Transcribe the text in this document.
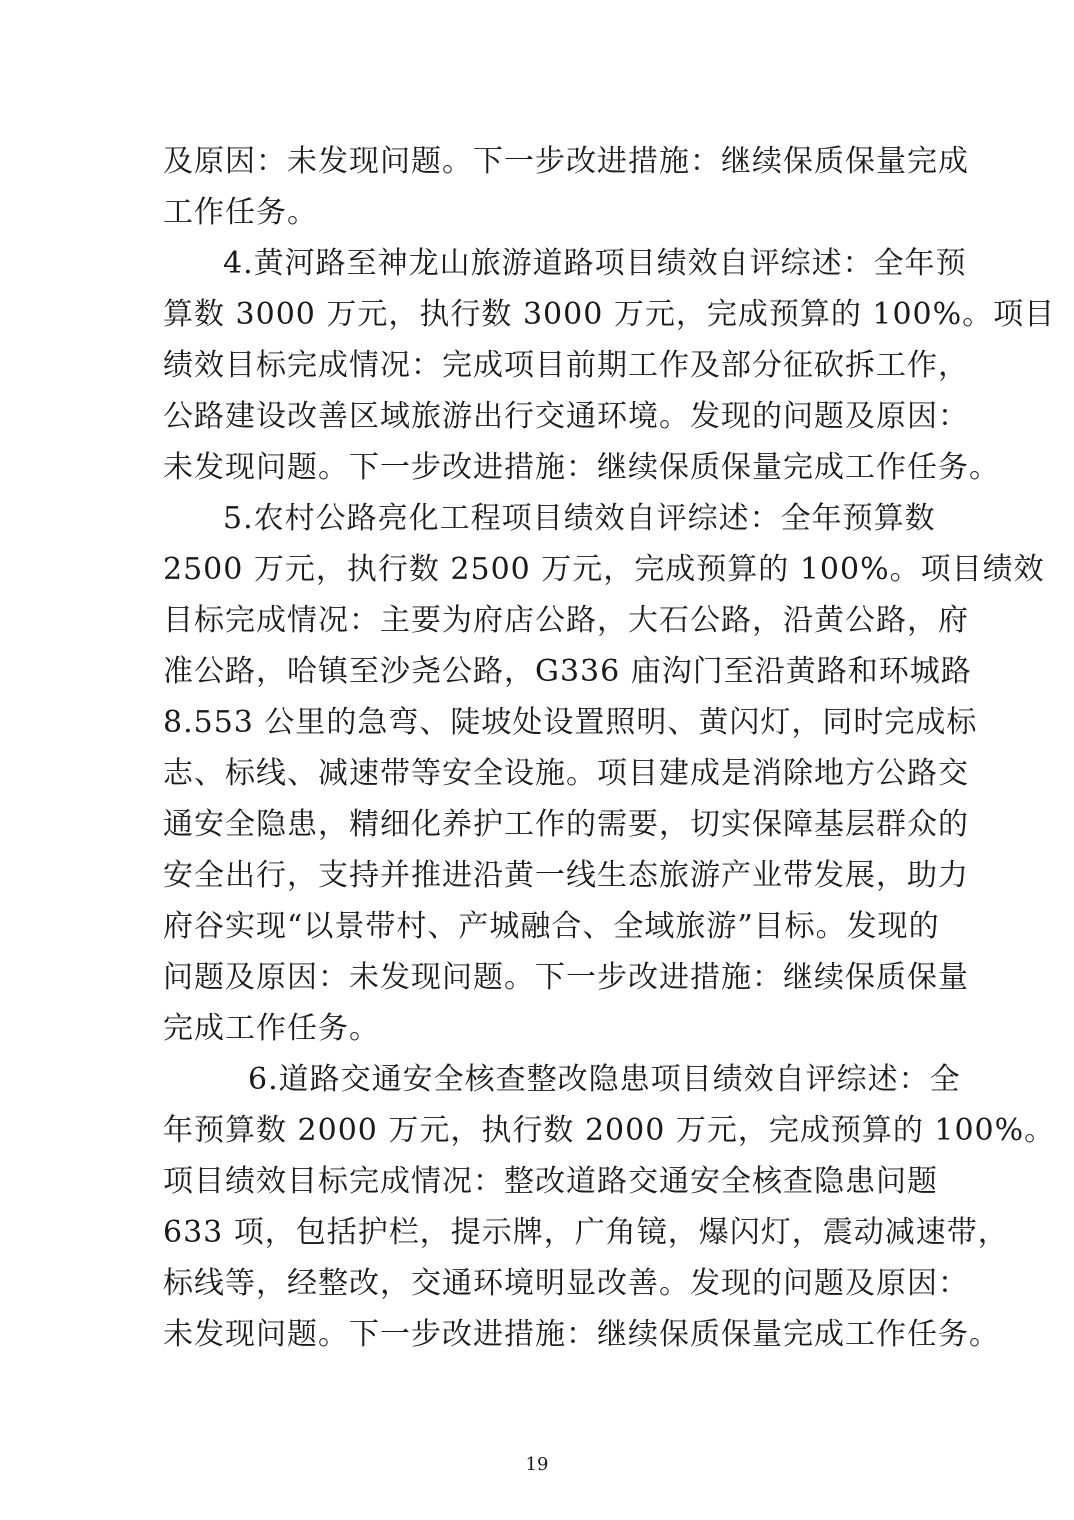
及原因：未发现问题。下一步改进措施：继续保质保量完成
工作任务。
4.黄河路至神龙山旅游道路项目绩效自评综述：全年预
算数 3000 万元，执行数 3000 万元，完成预算的 100%。项目
绩效目标完成情况：完成项目前期工作及部分征砍拆工作，
公路建设改善区域旅游出行交通环境。发现的问题及原因：
未发现问题。下一步改进措施：继续保质保量完成工作任务。
5.农村公路亮化工程项目绩效自评综述：全年预算数
2500 万元，执行数 2500 万元，完成预算的 100%。项目绩效
目标完成情况：主要为府店公路，大石公路，沿黄公路，府
准公路，哈镇至沙尧公路，G336 庙沟门至沿黄路和环城路
8.553 公里的急弯、陡坡处设置照明、黄闪灯，同时完成标
志、标线、减速带等安全设施。项目建成是消除地方公路交
通安全隐患，精细化养护工作的需要，切实保障基层群众的
安全出行，支持并推进沿黄一线生态旅游产业带发展，助力
府谷实现“以景带村、产城融合、全域旅游”目标。发现的
问题及原因：未发现问题。下一步改进措施：继续保质保量
完成工作任务。
6.道路交通安全核查整改隐患项目绩效自评综述：全
年预算数 2000 万元，执行数 2000 万元，完成预算的 100%。
项目绩效目标完成情况：整改道路交通安全核查隐患问题
633 项，包括护栏，提示牌，广角镜，爆闪灯，震动减速带，
标线等，经整改，交通环境明显改善。发现的问题及原因：
未发现问题。下一步改进措施：继续保质保量完成工作任务。
19
